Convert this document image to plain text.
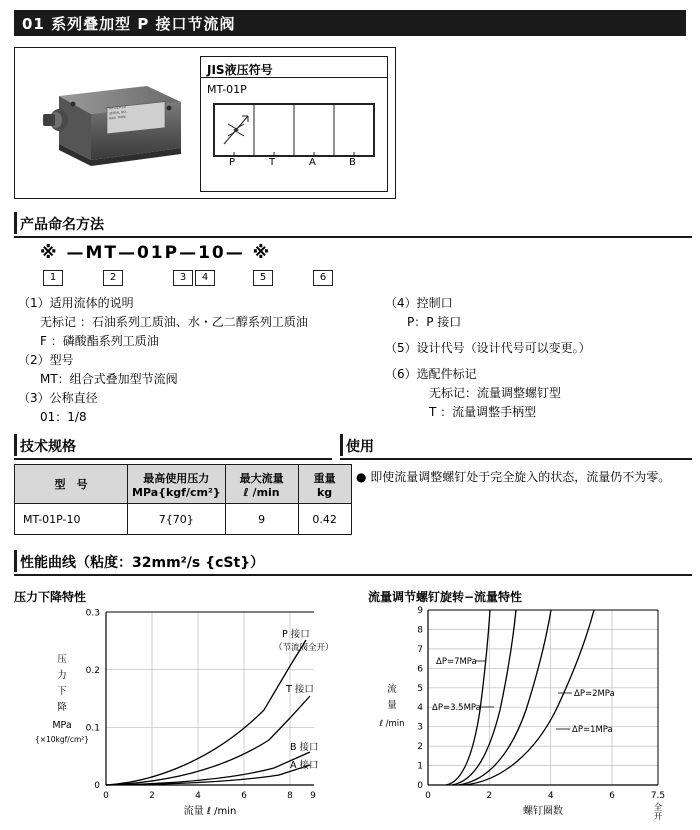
01 系列叠加型 P 接口节流阀
MT-01P-10
SERIAL NO.
MAX 7MPa
JIS液压符号
MT-01P
P	T	A	B
产品命名方法
※ —MT—01P—10— ※
1	2	3	4	5	6
（1）适用流体的说明
无标记 ：石油系列工质油、水・乙二醇系列工质油
F ：磷酸酯系列工质油
（2）型号
MT：组合式叠加型节流阀
（3）公称直径
01：1/8
（4）控制口
P：P 接口
（5）设计代号（设计代号可以变更。）
（6）选配件标记
无标记：流量调整螺钉型
T ：流量调整手柄型
技术规格	使用
型　号	最高使用压力
MPa{kgf/cm²}

最大流量
ℓ /min

重量
kg

MT-01P-10	7{70}	9	0.42
● 即使流量调整螺钉处于完全旋入的状态，流量仍不为零。
性能曲线（粘度：32mm²/s {cSt}）
压力下降特性	流量调节螺钉旋转−流量特性
0.3
0.2
0.1
0
0	2	4	6	8 9
压
力
下
降
MPa
{×10kgf/cm²}
流量 ℓ /min
P 接口
（节流阀全开）
T 接口
B 接口
A 接口
9
8
7
6
5
4
3
2
1
0
0	2	4	6	7.5
全
开
流
量
ℓ /min
螺钉圈数
ΔP=7MPa
ΔP=3.5MPa
ΔP=2MPa
ΔP=1MPa
